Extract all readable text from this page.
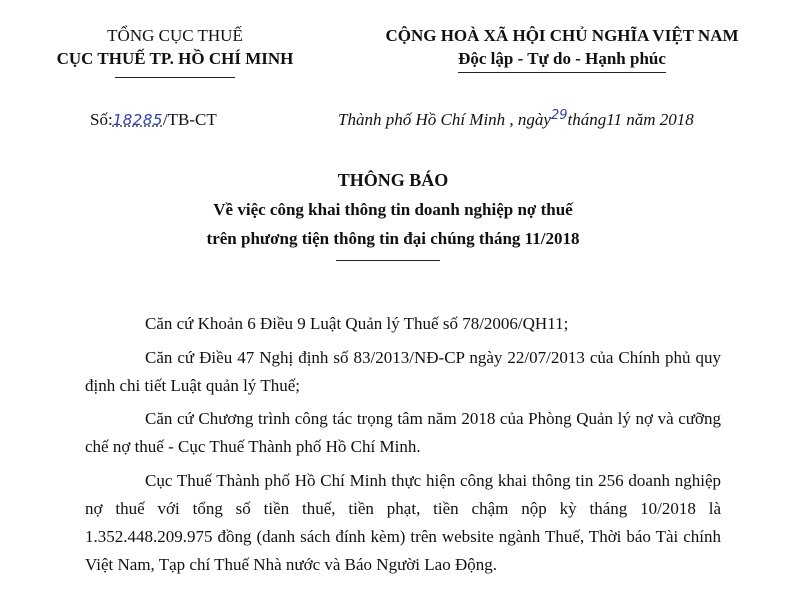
TỔNG CỤC THUẾ
CỤC THUẾ TP. HỒ CHÍ MINH
CỘNG HOÀ XÃ HỘI CHỦ NGHĨA VIỆT NAM
Độc lập - Tự do - Hạnh phúc
Số:18285/TB-CT	Thành phố Hồ Chí Minh , ngày$^{29}$tháng11 năm 2018
THÔNG BÁO
Về việc công khai thông tin doanh nghiệp nợ thuế
trên phương tiện thông tin đại chúng tháng 11/2018
Căn cứ Khoản 6 Điều 9 Luật Quản lý Thuế số 78/2006/QH11;
Căn cứ Điều 47 Nghị định số 83/2013/NĐ-CP ngày 22/07/2013 của Chính phủ quy định chi tiết Luật quản lý Thuế;
Căn cứ Chương trình công tác trọng tâm năm 2018 của Phòng Quản lý nợ và cưỡng chế nợ thuế - Cục Thuế Thành phố Hồ Chí Minh.
Cục Thuế Thành phố Hồ Chí Minh thực hiện công khai thông tin 256 doanh nghiệp nợ thuế với tổng số tiền thuế, tiền phạt, tiền chậm nộp kỳ tháng 10/2018 là 1.352.448.209.975 đồng (danh sách đính kèm) trên website ngành Thuế, Thời báo Tài chính Việt Nam, Tạp chí Thuế Nhà nước và Báo Người Lao Động.
